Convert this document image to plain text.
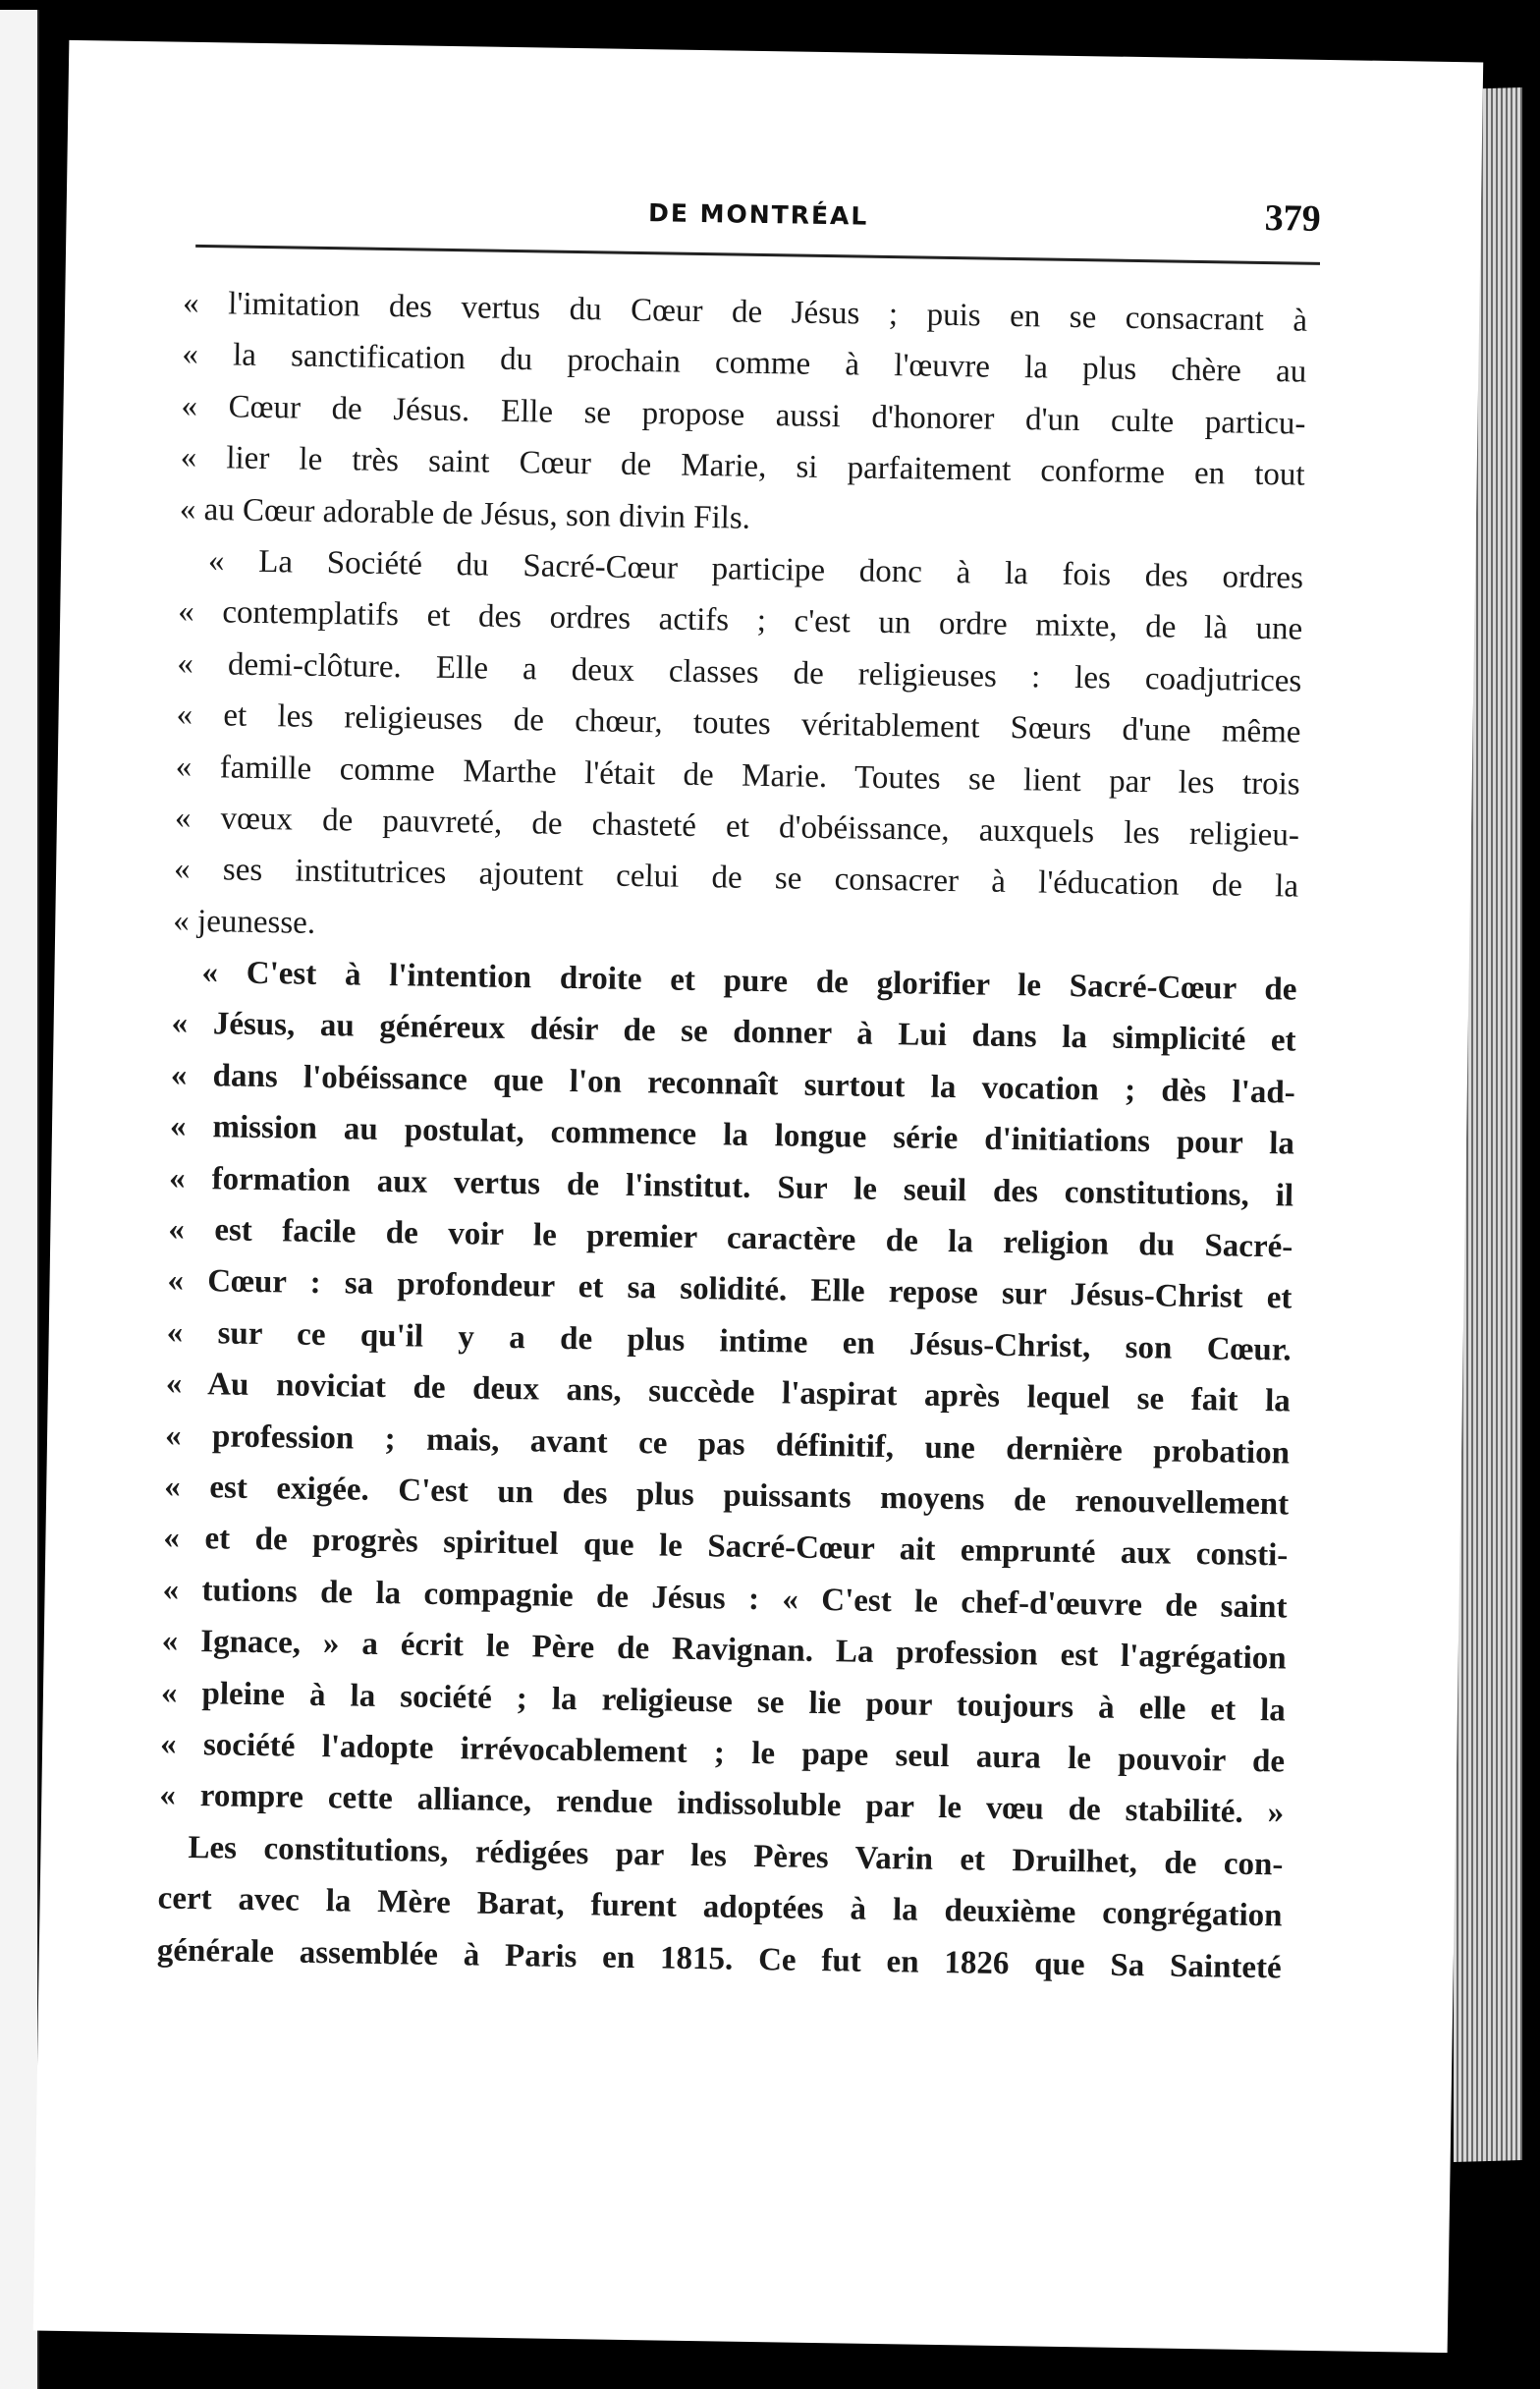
DE MONTRÉAL	379
« l'imitation des vertus du Cœur de Jésus ; puis en se consacrant à
« la sanctification du prochain comme à l'œuvre la plus chère au
« Cœur de Jésus. Elle se propose aussi d'honorer d'un culte particu-
« lier le très saint Cœur de Marie, si parfaitement conforme en tout
« au Cœur adorable de Jésus, son divin Fils.
« La Société du Sacré-Cœur participe donc à la fois des ordres
« contemplatifs et des ordres actifs ; c'est un ordre mixte, de là une
« demi-clôture. Elle a deux classes de religieuses : les coadjutrices
« et les religieuses de chœur, toutes véritablement Sœurs d'une même
« famille comme Marthe l'était de Marie. Toutes se lient par les trois
« vœux de pauvreté, de chasteté et d'obéissance, auxquels les religieu-
« ses institutrices ajoutent celui de se consacrer à l'éducation de la
« jeunesse.
« C'est à l'intention droite et pure de glorifier le Sacré-Cœur de
« Jésus, au généreux désir de se donner à Lui dans la simplicité et
« dans l'obéissance que l'on reconnaît surtout la vocation ; dès l'ad-
« mission au postulat, commence la longue série d'initiations pour la
« formation aux vertus de l'institut. Sur le seuil des constitutions, il
« est facile de voir le premier caractère de la religion du Sacré-
« Cœur : sa profondeur et sa solidité. Elle repose sur Jésus-Christ et
« sur ce qu'il y a de plus intime en Jésus-Christ, son Cœur.
« Au noviciat de deux ans, succède l'aspirat après lequel se fait la
« profession ; mais, avant ce pas définitif, une dernière probation
« est exigée. C'est un des plus puissants moyens de renouvellement
« et de progrès spirituel que le Sacré-Cœur ait emprunté aux consti-
« tutions de la compagnie de Jésus : « C'est le chef-d'œuvre de saint
« Ignace, » a écrit le Père de Ravignan. La profession est l'agrégation
« pleine à la société ; la religieuse se lie pour toujours à elle et la
« société l'adopte irrévocablement ; le pape seul aura le pouvoir de
« rompre cette alliance, rendue indissoluble par le vœu de stabilité. »
Les constitutions, rédigées par les Pères Varin et Druilhet, de con-
cert avec la Mère Barat, furent adoptées à la deuxième congrégation
générale assemblée à Paris en 1815. Ce fut en 1826 que Sa Sainteté
